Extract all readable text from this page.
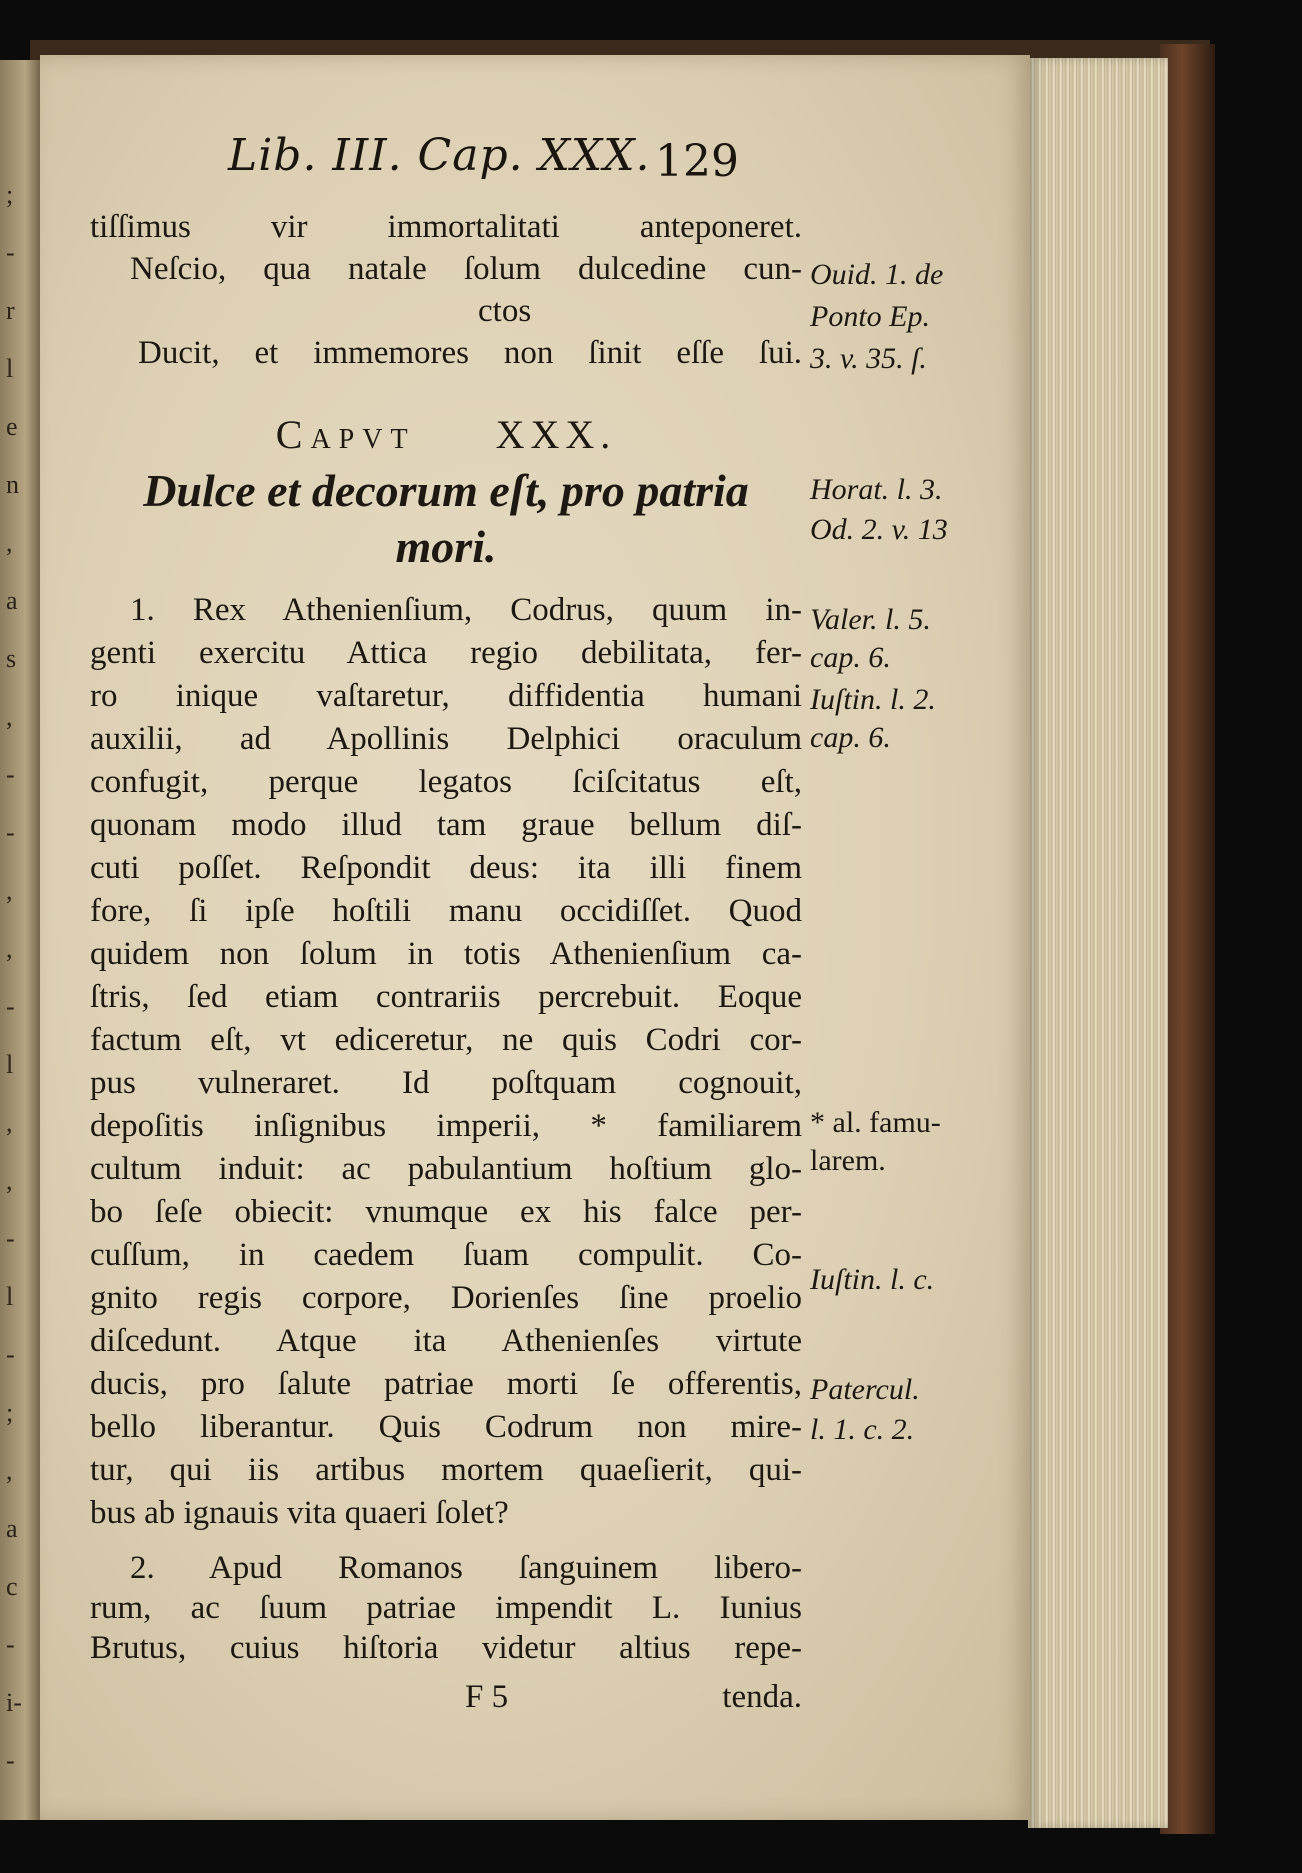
;
-
r
l
e
n
,
a
s
,
-
-
,
,
-
l
,
,
-
l
-
;
,
a
c
-
i-
-
Lib. III. Cap. XXX. 129
tiſſimus vir immortalitati anteponeret.
Neſcio, qua natale ſolum dulcedine cun-
ctos
Ducit, et immemores non ſinit eſſe ſui.
Capvt XXX.
Dulce et decorum eſt, pro patria
mori.
1. Rex Athenienſium, Codrus, quum in-
genti exercitu Attica regio debilitata, fer-
ro inique vaſtaretur, diffidentia humani
auxilii, ad Apollinis Delphici oraculum
confugit, perque legatos ſciſcitatus eſt,
quonam modo illud tam graue bellum diſ-
cuti poſſet. Reſpondit deus: ita illi finem
fore, ſi ipſe hoſtili manu occidiſſet. Quod
quidem non ſolum in totis Athenienſium ca-
ſtris, ſed etiam contrariis percrebuit. Eoque
factum eſt, vt ediceretur, ne quis Codri cor-
pus vulneraret. Id poſtquam cognouit,
depoſitis inſignibus imperii, * familiarem
cultum induit: ac pabulantium hoſtium glo-
bo ſeſe obiecit: vnumque ex his falce per-
cuſſum, in caedem ſuam compulit. Co-
gnito regis corpore, Dorienſes ſine proelio
diſcedunt. Atque ita Athenienſes virtute
ducis, pro ſalute patriae morti ſe offerentis,
bello liberantur. Quis Codrum non mire-
tur, qui iis artibus mortem quaeſierit, qui-
bus ab ignauis vita quaeri ſolet?
2. Apud Romanos ſanguinem libero-
rum, ac ſuum patriae impendit L. Iunius
Brutus, cuius hiſtoria videtur altius repe-
F 5	tenda.
Ouid. 1. de
Ponto Ep.
3. v. 35. ſ.
Horat. l. 3.
Od. 2. v. 13
Valer. l. 5.
cap. 6.
Iuſtin. l. 2.
cap. 6.
* al. famu-
larem.
Iuſtin. l. c.
Patercul.
l. 1. c. 2.
